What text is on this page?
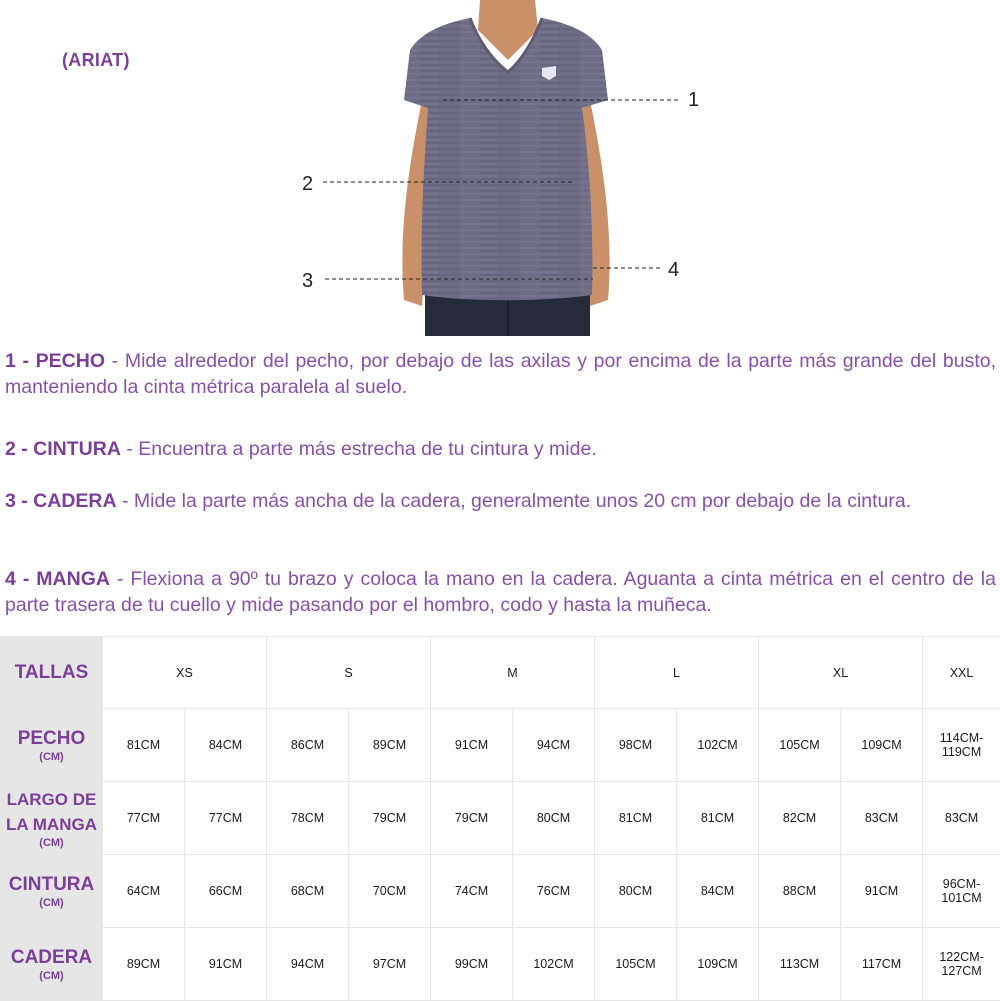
(ARIAT)
1
2
3	4
1 - PECHO - Mide alrededor del pecho, por debajo de las axilas y por encima de la parte más grande del busto, manteniendo la cinta métrica paralela al suelo.
2 - CINTURA - Encuentra a parte más estrecha de tu cintura y mide.
3 - CADERA - Mide la parte más ancha de la cadera, generalmente unos 20 cm por debajo de la cintura.
4 - MANGA - Flexiona a 90º tu brazo y coloca la mano en la cadera. Aguanta a cinta métrica en el centro de la parte trasera de tu cuello y mide pasando por el hombro, codo y hasta la muñeca.
TALLAS	XS		S		M		L		XL		XXL

PECHO
(CM)	81CM	84CM	86CM	89CM	91CM	94CM	98CM	102CM	105CM	109CM	114CM-119CM

LARGO DE
LA MANGA
(CM)	77CM	77CM	78CM	79CM	79CM	80CM	81CM	81CM	82CM	83CM	83CM

CINTURA
(CM)	64CM	66CM	68CM	70CM	74CM	76CM	80CM	84CM	88CM	91CM	96CM-101CM

CADERA
(CM)	89CM	91CM	94CM	97CM	99CM	102CM	105CM	109CM	113CM	117CM	122CM-127CM
